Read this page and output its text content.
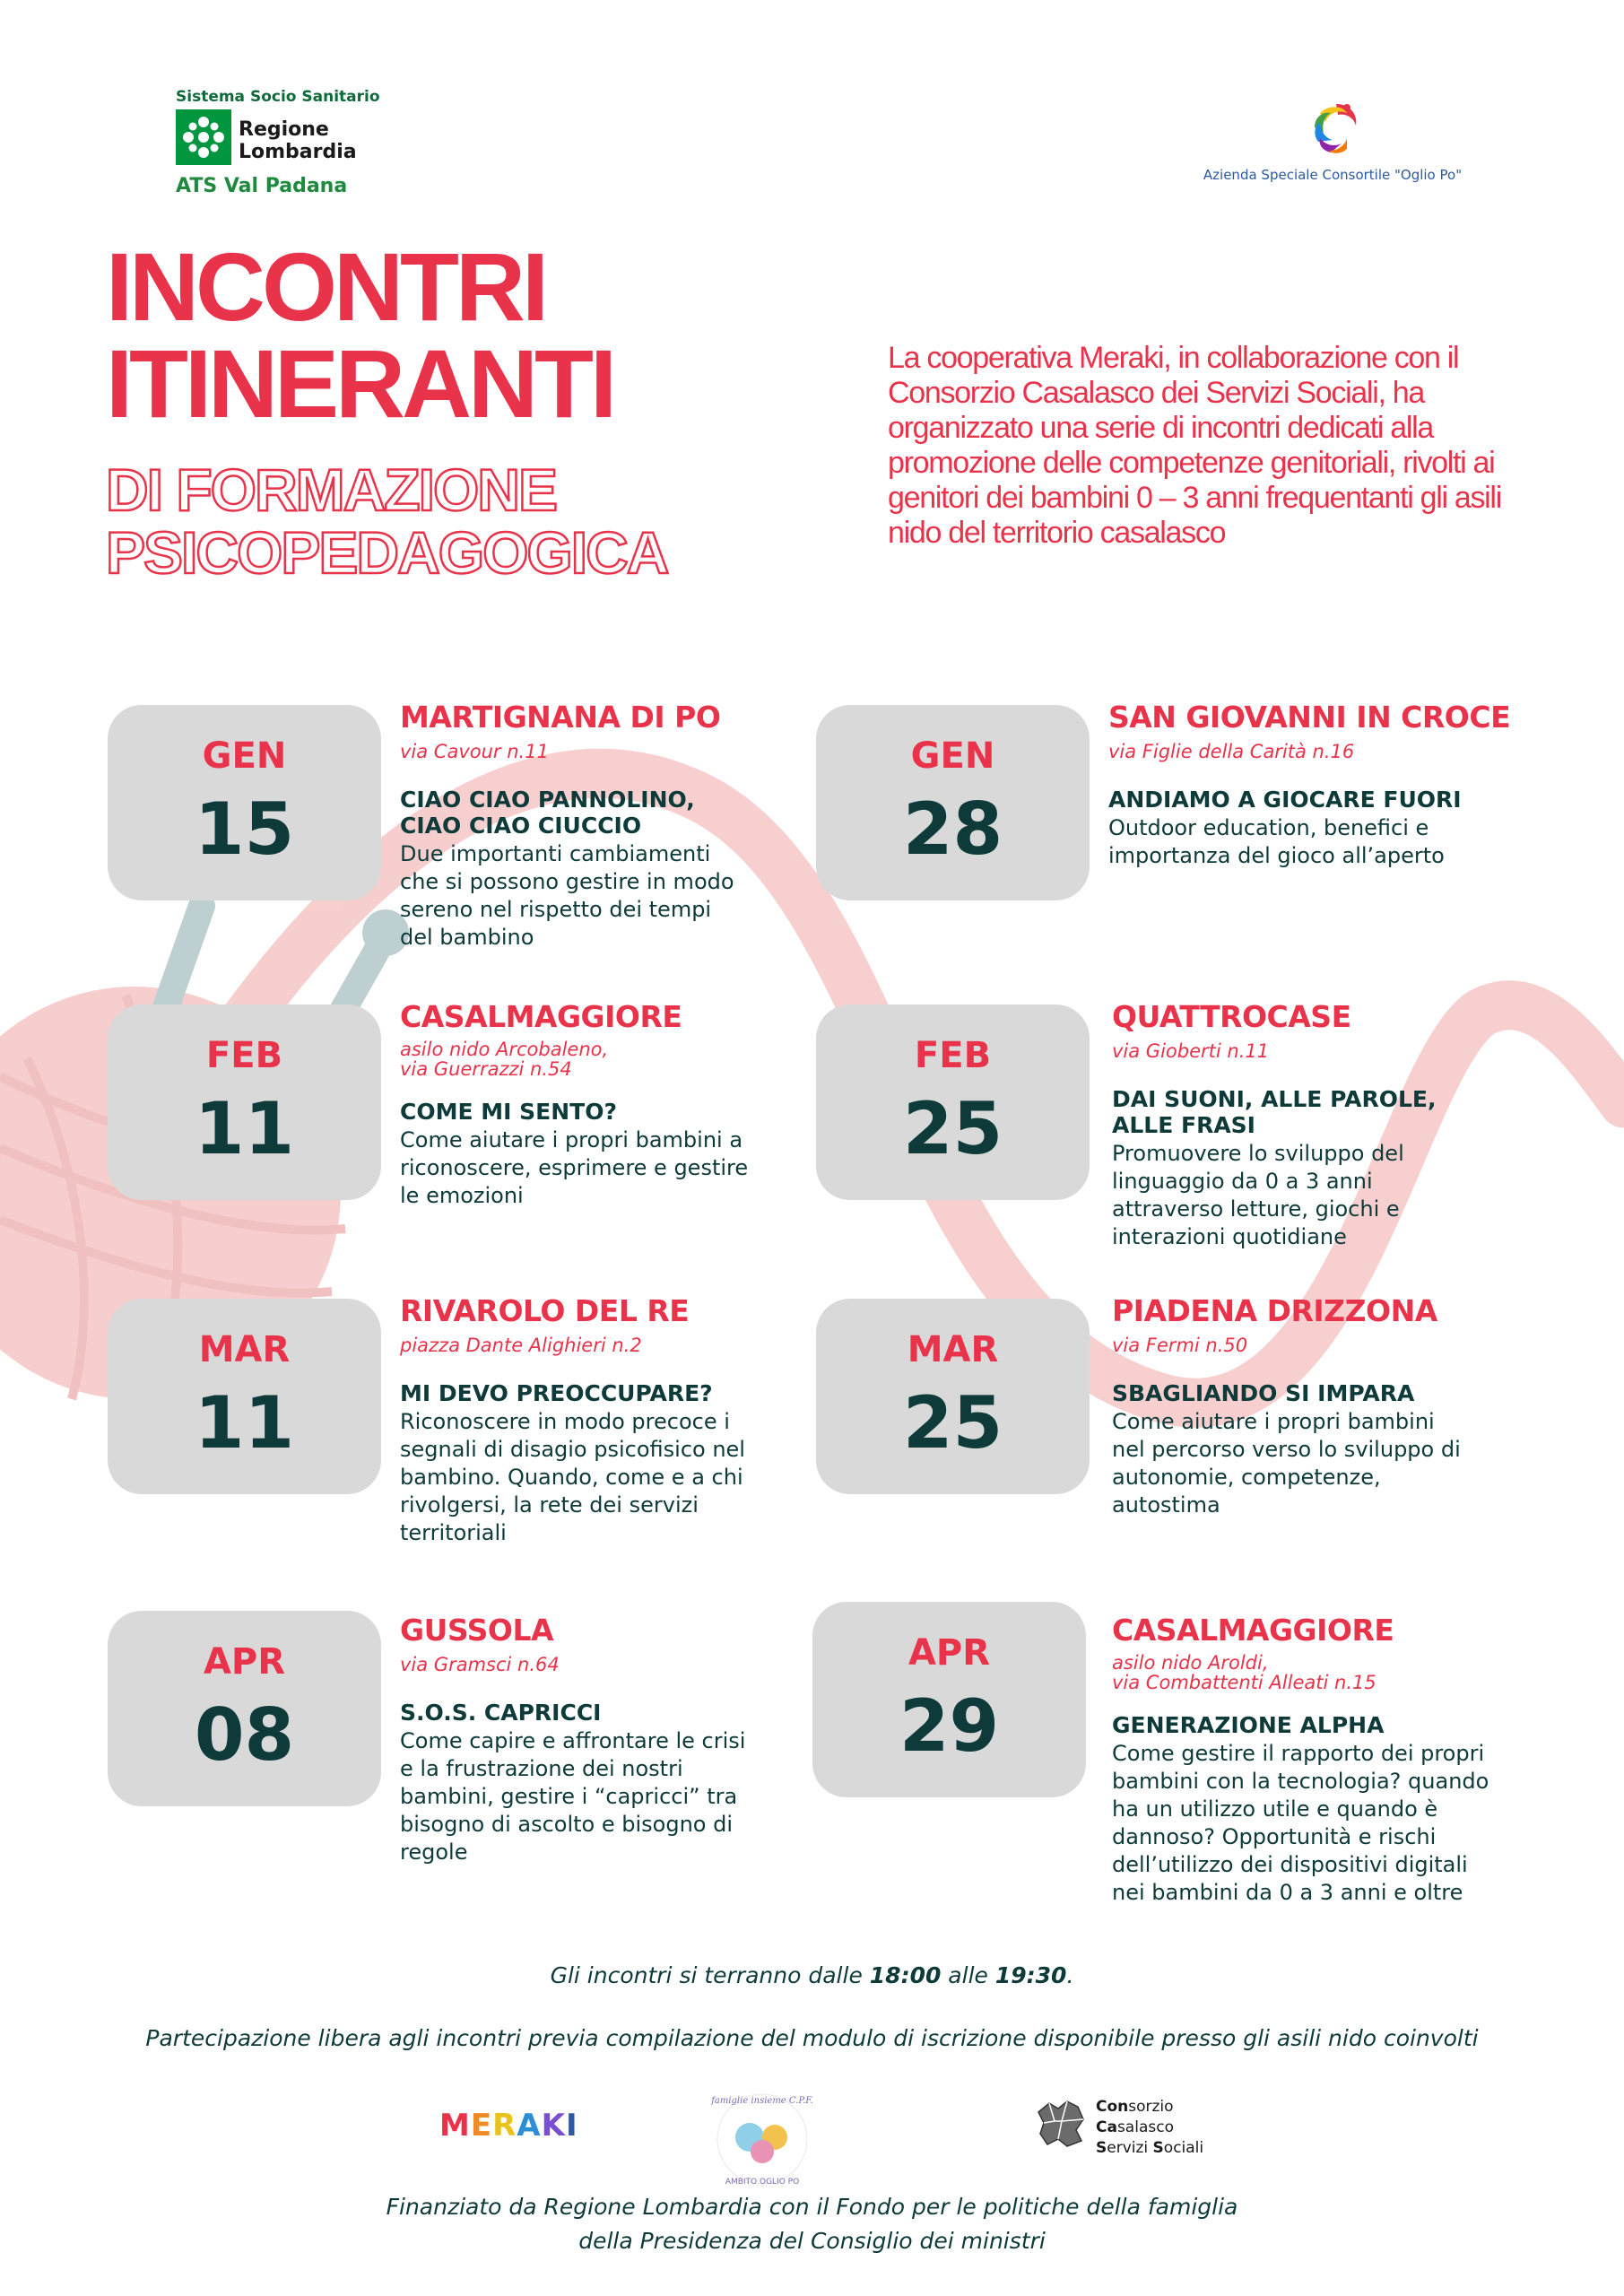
Sistema Socio Sanitario
Regione
Lombardia
ATS Val Padana	Azienda Speciale Consortile "Oglio Po"
INCONTRI
ITINERANTI
DI FORMAZIONE
PSICOPEDAGOGICA
La cooperativa Meraki, in collaborazione con il Consorzio Casalasco dei Servizi Sociali, ha organizzato una serie di incontri dedicati alla promozione delle competenze genitoriali, rivolti ai genitori dei bambini 0 – 3 anni frequentanti gli asili nido del territorio casalasco
GEN
15
MARTIGNANA DI PO
via Cavour n.11
CIAO CIAO PANNOLINO,
CIAO CIAO CIUCCIO
Due importanti cambiamenti che si possono gestire in modo sereno nel rispetto dei tempi del bambino
GEN
28
SAN GIOVANNI IN CROCE
via Figlie della Carità n.16
ANDIAMO A GIOCARE FUORI
Outdoor education, benefici e importanza del gioco all’aperto
FEB
11
CASALMAGGIORE
asilo nido Arcobaleno,
via Guerrazzi n.54
COME MI SENTO?
Come aiutare i propri bambini a riconoscere, esprimere e gestire le emozioni
FEB
25
QUATTROCASE
via Gioberti n.11
DAI SUONI, ALLE PAROLE,
ALLE FRASI
Promuovere lo sviluppo del linguaggio da 0 a 3 anni attraverso letture, giochi e interazioni quotidiane
MAR
11
RIVAROLO DEL RE
piazza Dante Alighieri n.2
MI DEVO PREOCCUPARE?
Riconoscere in modo precoce i segnali di disagio psicofisico nel bambino. Quando, come e a chi rivolgersi, la rete dei servizi territoriali
MAR
25
PIADENA DRIZZONA
via Fermi n.50
SBAGLIANDO SI IMPARA
Come aiutare i propri bambini nel percorso verso lo sviluppo di autonomie, competenze, autostima
APR
08
GUSSOLA
via Gramsci n.64
S.O.S. CAPRICCI
Come capire e affrontare le crisi e la frustrazione dei nostri bambini, gestire i “capricci” tra bisogno di ascolto e bisogno di regole
APR
29
CASALMAGGIORE
asilo nido Aroldi,
via Combattenti Alleati n.15
GENERAZIONE ALPHA
Come gestire il rapporto dei propri bambini con la tecnologia? quando ha un utilizzo utile e quando è dannoso? Opportunità e rischi dell’utilizzo dei dispositivi digitali nei bambini da 0 a 3 anni e oltre
Gli incontri si terranno dalle 18:00 alle 19:30.
Partecipazione libera agli incontri previa compilazione del modulo di iscrizione disponibile presso gli asili nido coinvolti
MERAKI
famiglie insieme C.P.F.
AMBITO OGLIO PO
Consorzio
Casalasco
Servizi Sociali
Finanziato da Regione Lombardia con il Fondo per le politiche della famiglia
della Presidenza del Consiglio dei ministri
